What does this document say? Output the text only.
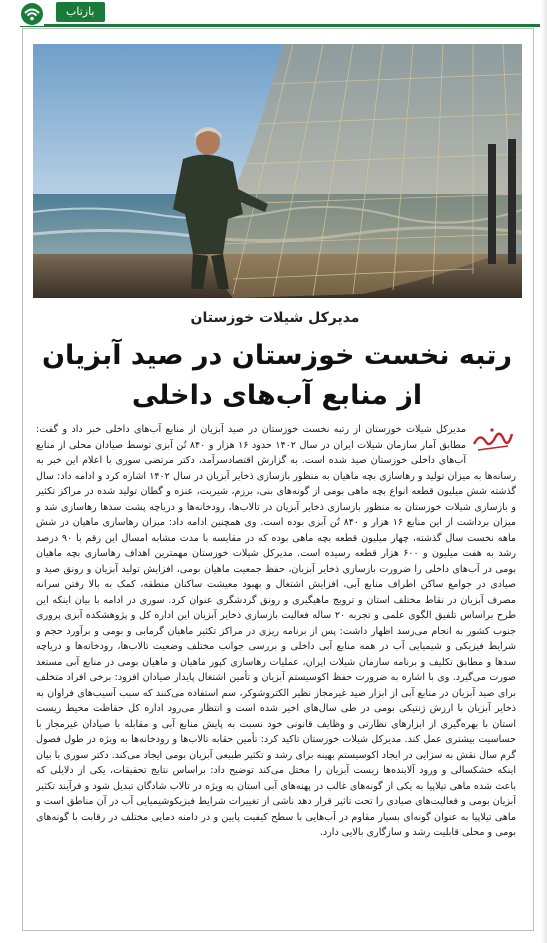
بازتاب
مدیرکل شیلات خوزستان
رتبه نخست خوزستان در صید آبزیان
از منابع آب‌های داخلی

مدیرکل شیلات خوزستان از رتبه نخست خوزستان در صید آبزیان از منابع آب‌های داخلی خبر داد و گفت: مطابق آمار سازمان شیلات ایران در سال ۱۴۰۲ حدود ۱۶ هزار و ۸۴۰ تُن آبزی توسط صیادان محلی از منابع آب‌های داخلی خوزستان صید شده است. به گزارش اقتصادسرآمد، دکتر مرتضی سوری با اعلام این خبر به رسانه‌ها به میزان تولید و رهاسازی بچه ماهیان به منظور بازسازی ذخایر آبزیان در سال ۱۴۰۲ اشاره کرد و ادامه داد: سال گذشته شش میلیون قطعه انواع بچه ماهی بومی از گونه‌های بنی، برزم، شیربت، عنزه و گطان تولید شده در مراکز تکثیر و بازسازی شیلات خوزستان به منظور بازسازی ذخایر آبزیان در تالاب‌ها، رودخانه‌ها و دریاچه پشت سدها رهاسازی شد و میزان برداشت از این منابع ۱۶ هزار و ۸۴۰ تُن آبزی بوده است. وی همچنین ادامه داد: میزان رهاسازی ماهیان در شش ماهه نخست سال گذشته، چهار میلیون قطعه بچه ماهی بوده که در مقایسه با مدت مشابه امسال این رقم با ۹۰ درصد رشد به هفت میلیون و ۶۰۰ هزار قطعه رسیده است. مدیرکل شیلات خوزستان مهمترین اهداف رهاسازی بچه ماهیان بومی در آب‌های داخلی را ضرورت بازسازی ذخایر آبزیان، حفظ جمعیت ماهیان بومی، افزایش تولید آبزیان و رونق صید و صیادی در جوامع ساکن اطراف منابع آبی، افزایش اشتغال و بهبود معیشت ساکنان منطقه، کمک به بالا رفتن سرانه مصرف آبزیان در نقاط مختلف استان و ترویج ماهیگیری و رونق گردشگری عنوان کرد. سوری در ادامه با بیان اینکه این طرح براساس تلفیق الگوی علمی و تجربه ۲۰ ساله فعالیت بازسازی ذخایر آبزیان این اداره کل و پژوهشکده آبزی پروری جنوب کشور به انجام می‌رسد اظهار داشت: پس از برنامه ریزی در مراکز تکثیر ماهیان گرمابی و بومی و برآورد حجم و شرایط فیزیکی و شیمیایی آب در همه منابع آبی داخلی و بررسی جوانب مختلف وضعیت تالاب‌ها، رودخانه‌ها و دریاچه سدها و مطابق تکلیف و برنامه سازمان شیلات ایران، عملیات رهاسازی کپور ماهیان و ماهیان بومی در منابع آبی مستعد صورت می‌گیرد. وی با اشاره به ضرورت حفظ اکوسیستم آبزیان و تأمین اشتغال پایدار صیادان افزود: برخی افراد متخلف برای صید آبزیان در منابع آبی از ابزار صید غیرمجاز نظیر الکتروشوکر، سم استفاده می‌کنند که سبب آسیب‌های فراوان به ذخایر آبزیان با ارزش ژنتیکی بومی در طی سال‌های اخیر شده است و انتظار می‌رود اداره کل حفاظت محیط زیست استان با بهره‌گیری از ابزارهای نظارتی و وظایف قانونی خود نسبت به پایش منابع آبی و مقابله با صیادان غیرمجاز با حساسیت بیشتری عمل کند. مدیرکل شیلات خوزستان تاکید کرد: تأمین حقابه تالاب‌ها و رودخانه‌ها به ویژه در طول فصول گرم سال نقش به سزایی در ایجاد اکوسیستم بهینه برای رشد و تکثیر طبیعی آبزیان بومی ایجاد می‌کند. دکتر سوری با بیان اینکه خشکسالی و ورود آلاینده‌ها زیست آبزیان را مختل می‌کند توضیح داد: براساس نتایج تحقیقات، یکی از دلایلی که باعث شده ماهی تیلاپیا به یکی از گونه‌های غالب در پهنه‌های آبی استان به ویژه در تالاب شادگان تبدیل شود و فرآیند تکثیر آبزیان بومی و فعالیت‌های صیادی را تحت تاثیر قرار دهد ناشی از تغییرات شرایط فیزیکوشیمیایی آب در آن مناطق است و ماهی تیلاپیا به عنوان گونه‌ای بسیار مقاوم در آب‌هایی با سطح کیفیت پایین و در دامنه دمایی مختلف در رقابت با گونه‌های بومی و محلی قابلیت رشد و سازگاری بالایی دارد.
